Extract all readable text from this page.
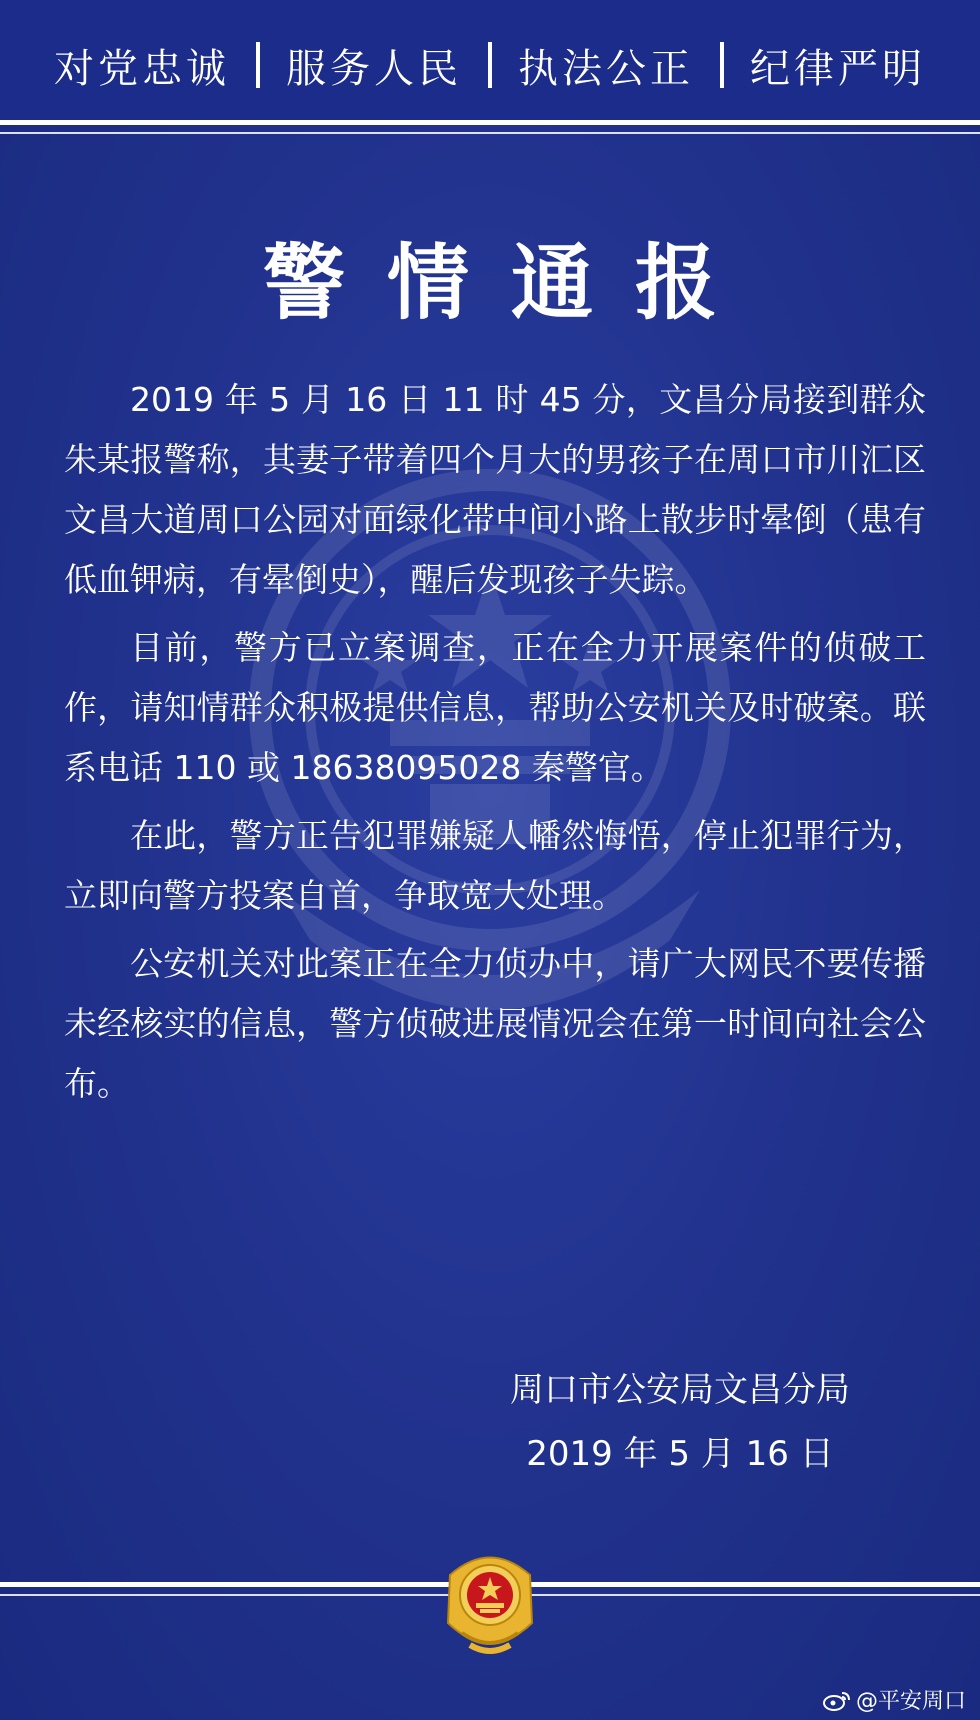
对党忠诚 服务人民 执法公正 纪律严明
警情通报

2019 年 5 月 16 日 11 时 45 分，文昌分局接到群众朱某报警称，其妻子带着四个月大的男孩子在周口市川汇区文昌大道周口公园对面绿化带中间小路上散步时晕倒（患有低血钾病，有晕倒史），醒后发现孩子失踪。

目前，警方已立案调查，正在全力开展案件的侦破工作，请知情群众积极提供信息，帮助公安机关及时破案。联系电话 110 或 18638095028 秦警官。

在此，警方正告犯罪嫌疑人幡然悔悟，停止犯罪行为，立即向警方投案自首，争取宽大处理。

公安机关对此案正在全力侦办中，请广大网民不要传播未经核实的信息，警方侦破进展情况会在第一时间向社会公布。

周口市公安局文昌分局
2019 年 5 月 16 日
@平安周口
